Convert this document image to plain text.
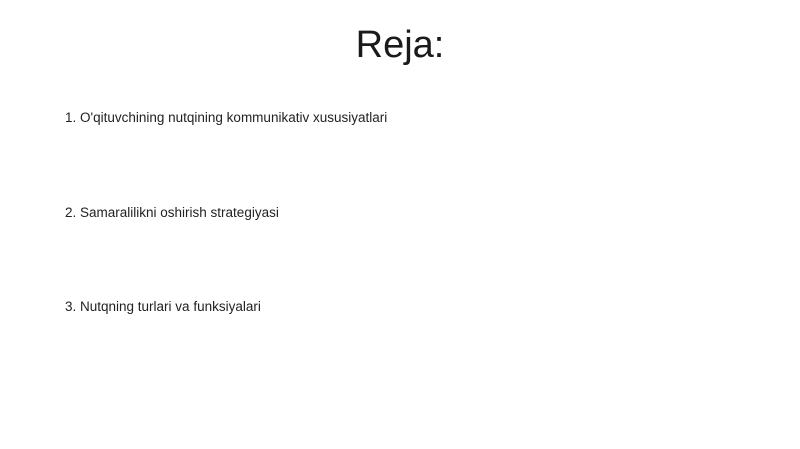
Reja:
1. O'qituvchining nutqining kommunikativ xususiyatlari
2. Samaralilikni oshirish strategiyasi
3. Nutqning turlari va funksiyalari
